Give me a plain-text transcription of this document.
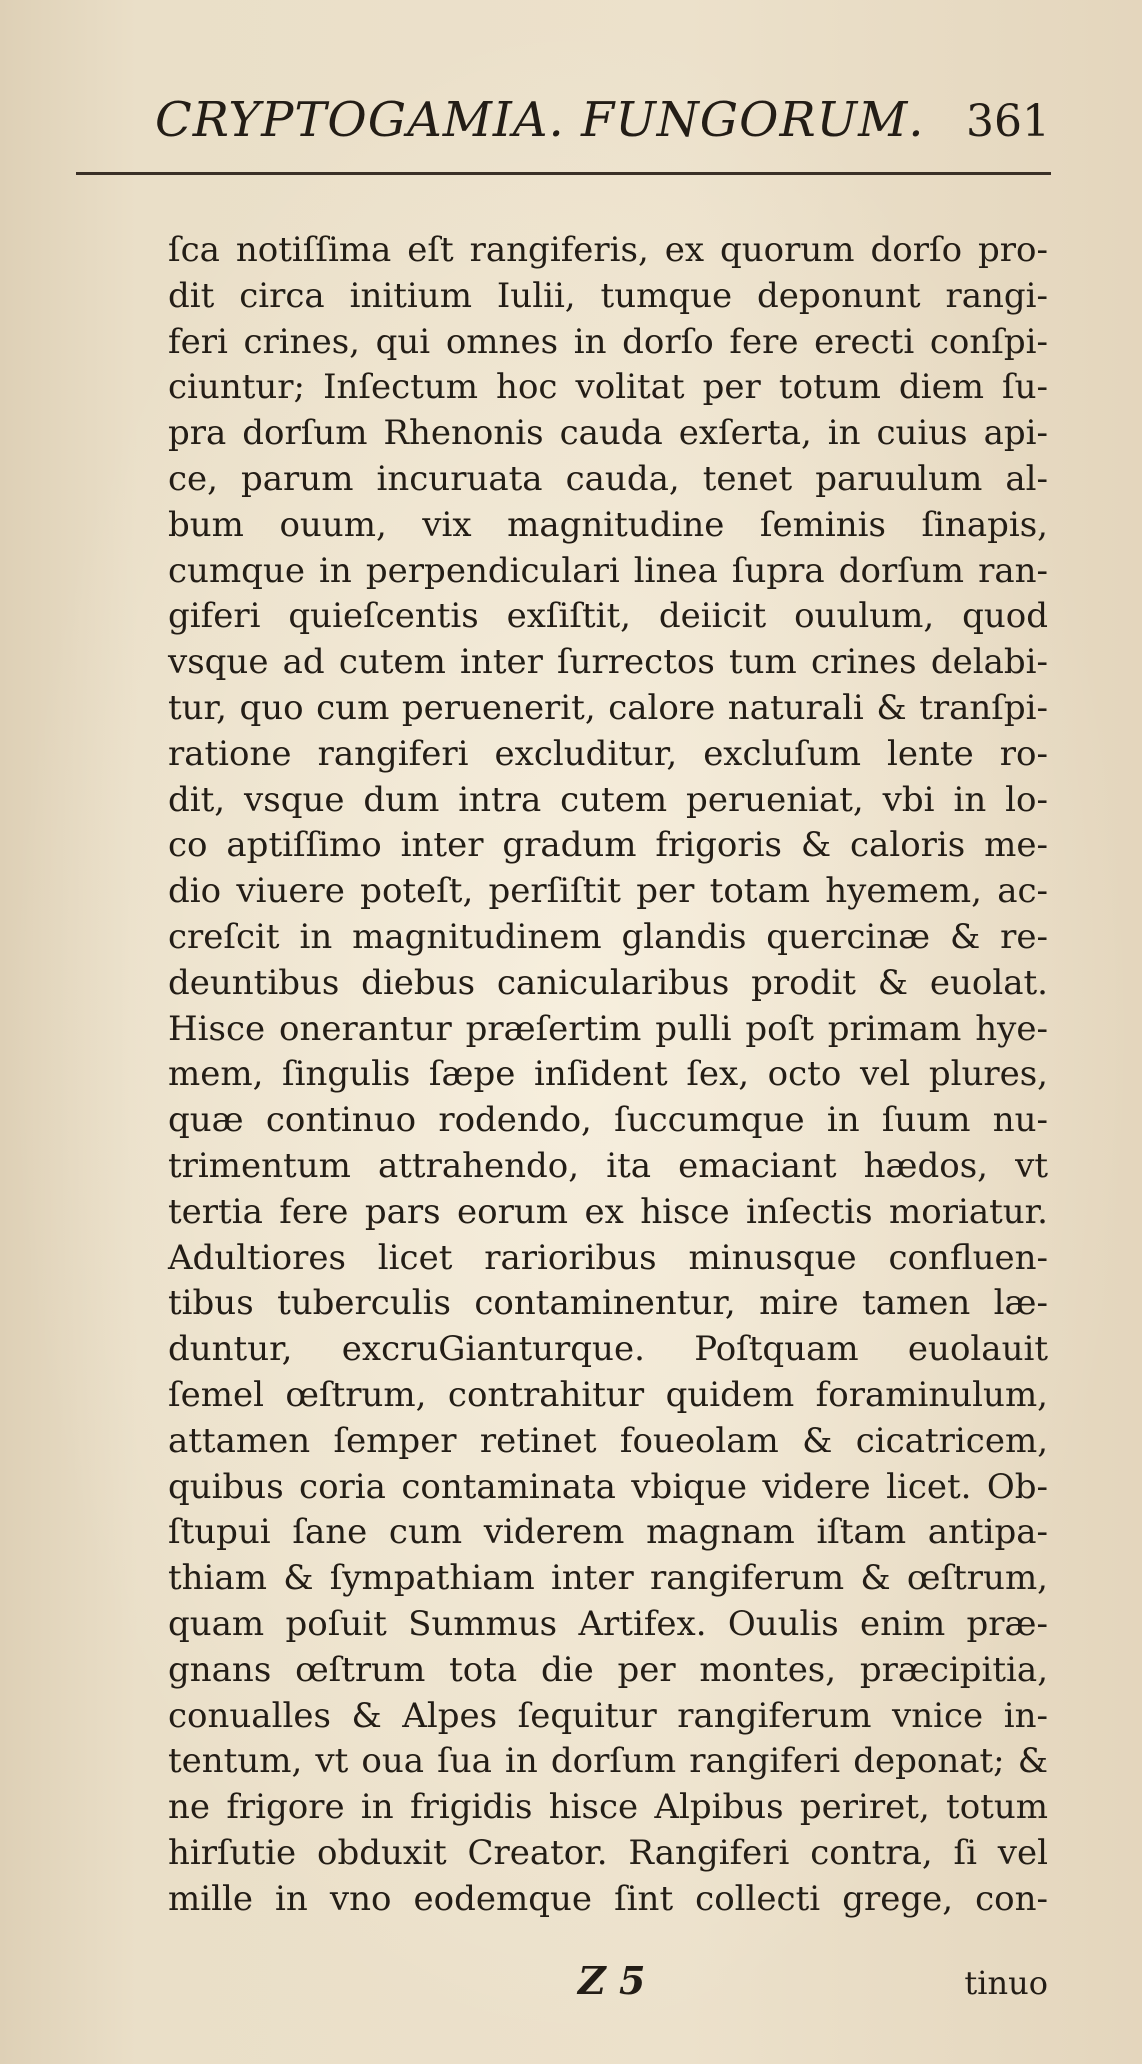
CRYPTOGAMIA. FUNGORUM. 361
ſca notiſſima eſt rangiferis, ex quorum dorſo pro-
dit circa initium Iulii, tumque deponunt rangi-
feri crines, qui omnes in dorſo fere erecti conſpi-
ciuntur; Inſectum hoc volitat per totum diem ſu-
pra dorſum Rhenonis cauda exſerta, in cuius api-
ce, parum incuruata cauda, tenet paruulum al-
bum ouum, vix magnitudine ſeminis ſinapis,
cumque in perpendiculari linea ſupra dorſum ran-
giferi quieſcentis exſiſtit, deiicit ouulum, quod
vsque ad cutem inter ſurrectos tum crines delabi-
tur, quo cum peruenerit, calore naturali & tranſpi-
ratione rangiferi excluditur, excluſum lente ro-
dit, vsque dum intra cutem perueniat, vbi in lo-
co aptiſſimo inter gradum frigoris & caloris me-
dio viuere poteſt, perſiſtit per totam hyemem, ac-
creſcit in magnitudinem glandis quercinæ & re-
deuntibus diebus canicularibus prodit & euolat.
Hisce onerantur præſertim pulli poſt primam hye-
mem, ſingulis ſæpe inſident ſex, octo vel plures,
quæ continuo rodendo, ſuccumque in ſuum nu-
trimentum attrahendo, ita emaciant hædos, vt
tertia fere pars eorum ex hisce inſectis moriatur.
Adultiores licet rarioribus minusque confluen-
tibus tuberculis contaminentur, mire tamen læ-
duntur, excruGianturque. Poſtquam euolauit
ſemel œſtrum, contrahitur quidem foraminulum,
attamen ſemper retinet foueolam & cicatricem,
quibus coria contaminata vbique videre licet. Ob-
ſtupui ſane cum viderem magnam iſtam antipa-
thiam & ſympathiam inter rangiferum & œſtrum,
quam poſuit Summus Artifex. Ouulis enim præ-
gnans œſtrum tota die per montes, præcipitia,
conualles & Alpes ſequitur rangiferum vnice in-
tentum, vt oua ſua in dorſum rangiferi deponat; &
ne frigore in frigidis hisce Alpibus periret, totum
hirſutie obduxit Creator. Rangiferi contra, ſi vel
mille in vno eodemque ſint collecti grege, con-
Z 5	tinuo
